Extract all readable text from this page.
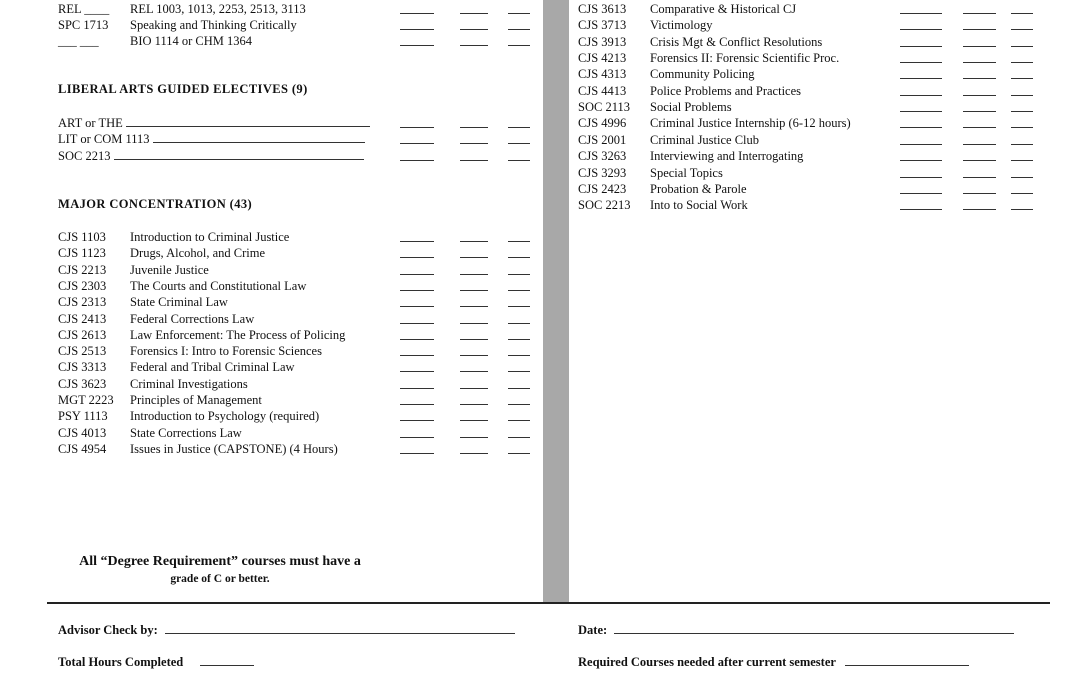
REL ____ REL 1003, 1013, 2253, 2513, 3113
SPC 1713 Speaking and Thinking Critically
___ ___	BIO 1114 or CHM 1364
LIBERAL ARTS GUIDED ELECTIVES (9)
ART or THE
LIT or COM 1113
SOC 2213
MAJOR CONCENTRATION (43)
CJS 1103 Introduction to Criminal Justice
CJS 1123 Drugs, Alcohol, and Crime
CJS 2213 Juvenile Justice
CJS 2303 The Courts and Constitutional Law
CJS 2313 State Criminal Law
CJS 2413 Federal Corrections Law
CJS 2613 Law Enforcement: The Process of Policing
CJS 2513 Forensics I: Intro to Forensic Sciences
CJS 3313 Federal and Tribal Criminal Law
CJS 3623 Criminal Investigations
MGT 2223 Principles of Management
PSY 1113 Introduction to Psychology (required)
CJS 4013 State Corrections Law
CJS 4954 Issues in Justice (CAPSTONE) (4 Hours)
All “Degree Requirement” courses must have a
grade of C or better.
CJS 3613 Comparative & Historical CJ
CJS 3713 Victimology
CJS 3913 Crisis Mgt & Conflict Resolutions
CJS 4213 Forensics II: Forensic Scientific Proc.
CJS 4313 Community Policing
CJS 4413 Police Problems and Practices
SOC 2113 Social Problems
CJS 4996 Criminal Justice Internship (6-12 hours)
CJS 2001 Criminal Justice Club
CJS 3263 Interviewing and Interrogating
CJS 3293 Special Topics
CJS 2423 Probation & Parole
SOC 2213 Into to Social Work
Advisor Check by:	Date:
Total Hours Completed	Required Courses needed after current semester
